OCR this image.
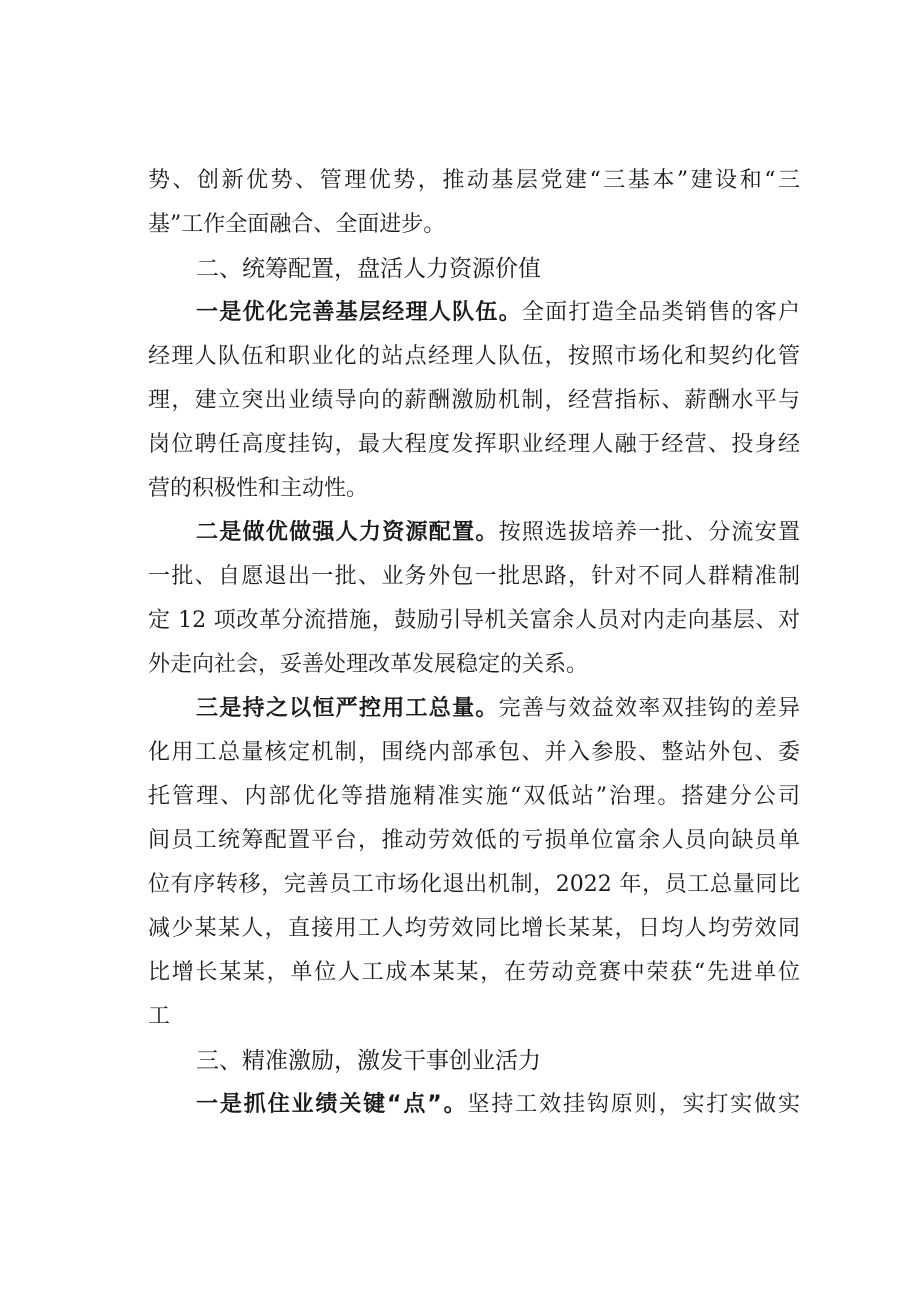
势、创新优势、管理优势，推动基层党建“三基本”建设和“三
基”工作全面融合、全面进步。
二、统筹配置，盘活人力资源价值
一是优化完善基层经理人队伍。全面打造全品类销售的客户
经理人队伍和职业化的站点经理人队伍，按照市场化和契约化管
理，建立突出业绩导向的薪酬激励机制，经营指标、薪酬水平与
岗位聘任高度挂钩，最大程度发挥职业经理人融于经营、投身经
营的积极性和主动性。
二是做优做强人力资源配置。按照选拔培养一批、分流安置
一批、自愿退出一批、业务外包一批思路，针对不同人群精准制
定 12 项改革分流措施，鼓励引导机关富余人员对内走向基层、对
外走向社会，妥善处理改革发展稳定的关系。
三是持之以恒严控用工总量。完善与效益效率双挂钩的差异
化用工总量核定机制，围绕内部承包、并入参股、整站外包、委
托管理、内部优化等措施精准实施“双低站”治理。搭建分公司
间员工统筹配置平台，推动劳效低的亏损单位富余人员向缺员单
位有序转移，完善员工市场化退出机制，2022 年，员工总量同比
减少某某人，直接用工人均劳效同比增长某某，日均人均劳效同
比增长某某，单位人工成本某某，在劳动竞赛中荣获“先进单位
工
三、精准激励，激发干事创业活力
一是抓住业绩关键“点”。坚持工效挂钩原则，实打实做实
